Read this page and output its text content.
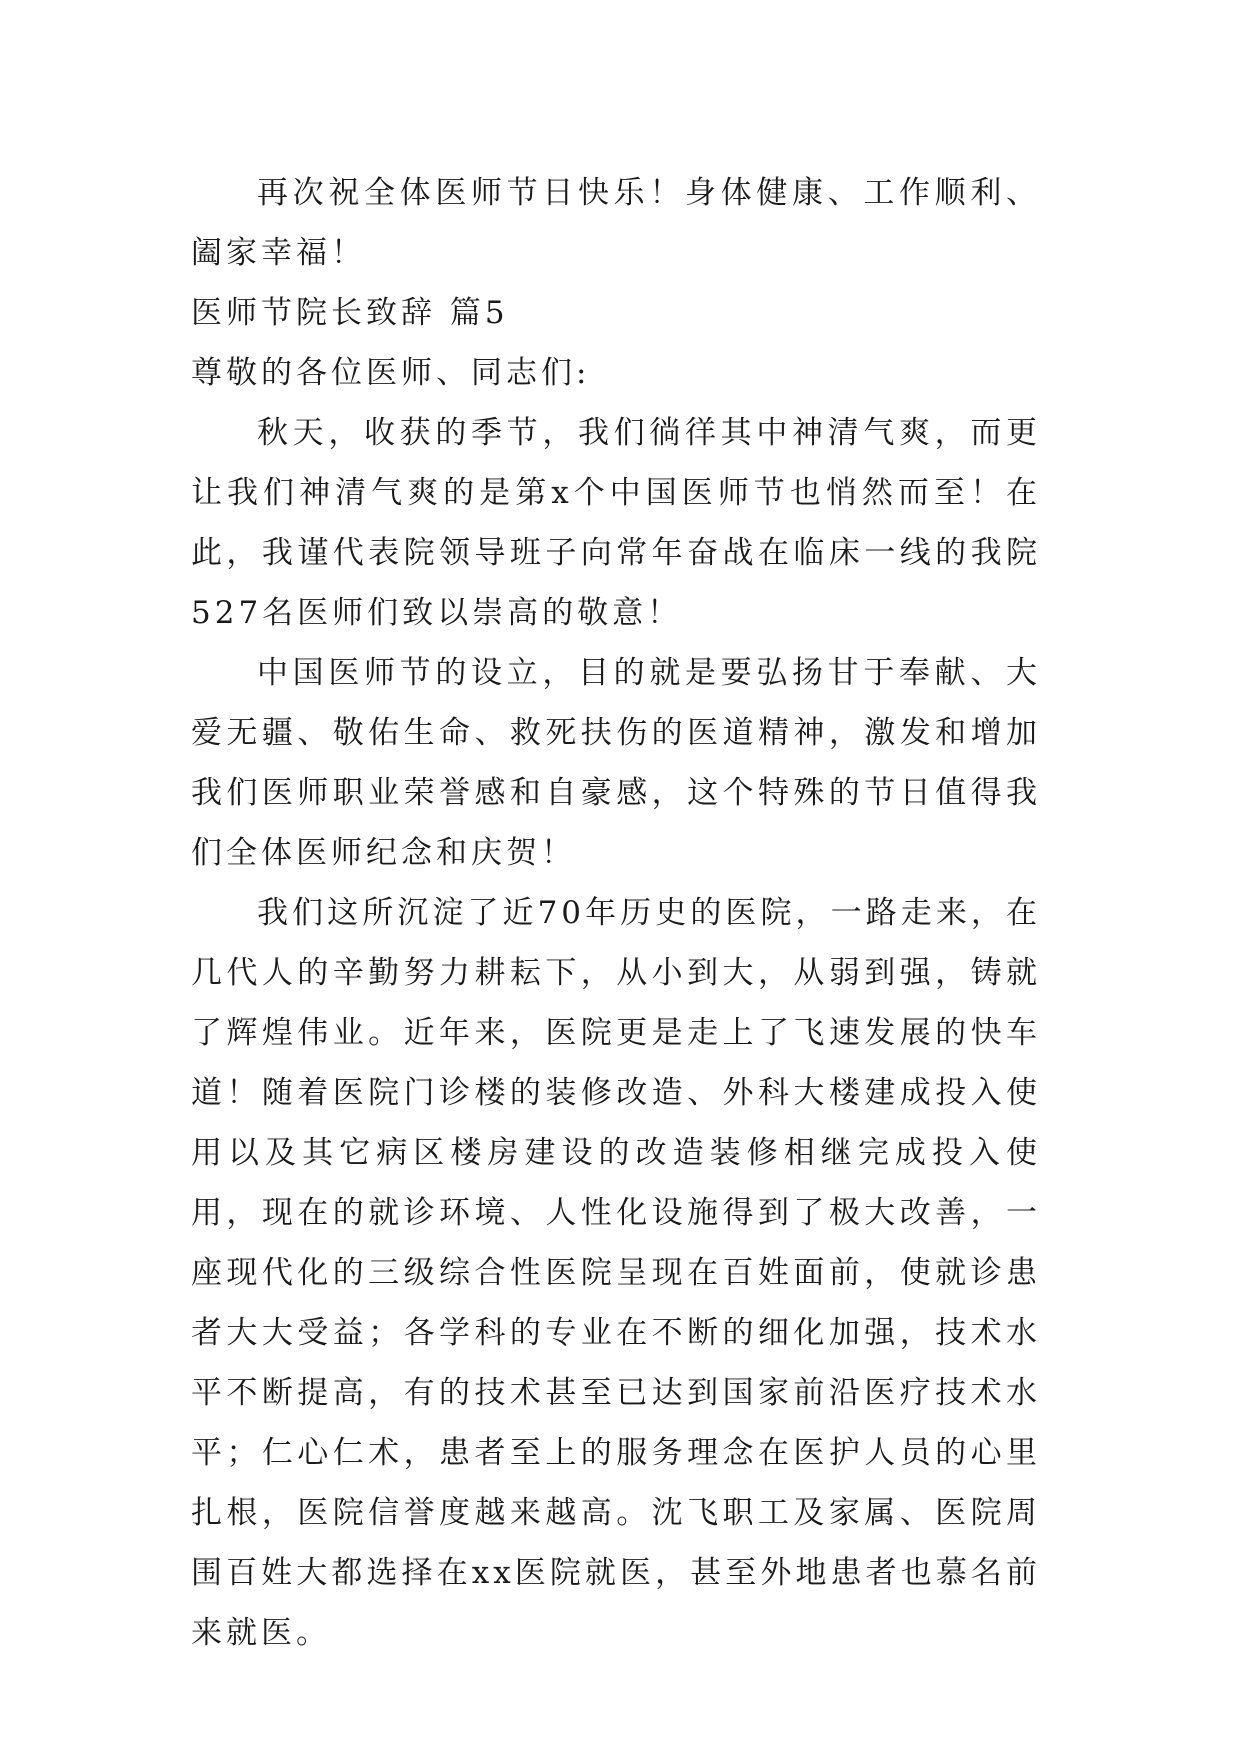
再次祝全体医师节日快乐！身体健康、工作顺利、阖家幸福！

医师节院长致辞 篇5

尊敬的各位医师、同志们:

秋天，收获的季节，我们徜徉其中神清气爽，而更让我们神清气爽的是第x个中国医师节也悄然而至！在此，我谨代表院领导班子向常年奋战在临床一线的我院527名医师们致以崇高的敬意！

中国医师节的设立，目的就是要弘扬甘于奉献、大爱无疆、敬佑生命、救死扶伤的医道精神，激发和增加我们医师职业荣誉感和自豪感，这个特殊的节日值得我们全体医师纪念和庆贺！

我们这所沉淀了近70年历史的医院，一路走来，在几代人的辛勤努力耕耘下，从小到大，从弱到强，铸就了辉煌伟业。近年来，医院更是走上了飞速发展的快车道！随着医院门诊楼的装修改造、外科大楼建成投入使用以及其它病区楼房建设的改造装修相继完成投入使用，现在的就诊环境、人性化设施得到了极大改善，一座现代化的三级综合性医院呈现在百姓面前，使就诊患者大大受益；各学科的专业在不断的细化加强，技术水平不断提高，有的技术甚至已达到国家前沿医疗技术水平；仁心仁术，患者至上的服务理念在医护人员的心里扎根，医院信誉度越来越高。沈飞职工及家属、医院周围百姓大都选择在xx医院就医，甚至外地患者也慕名前来就医。
